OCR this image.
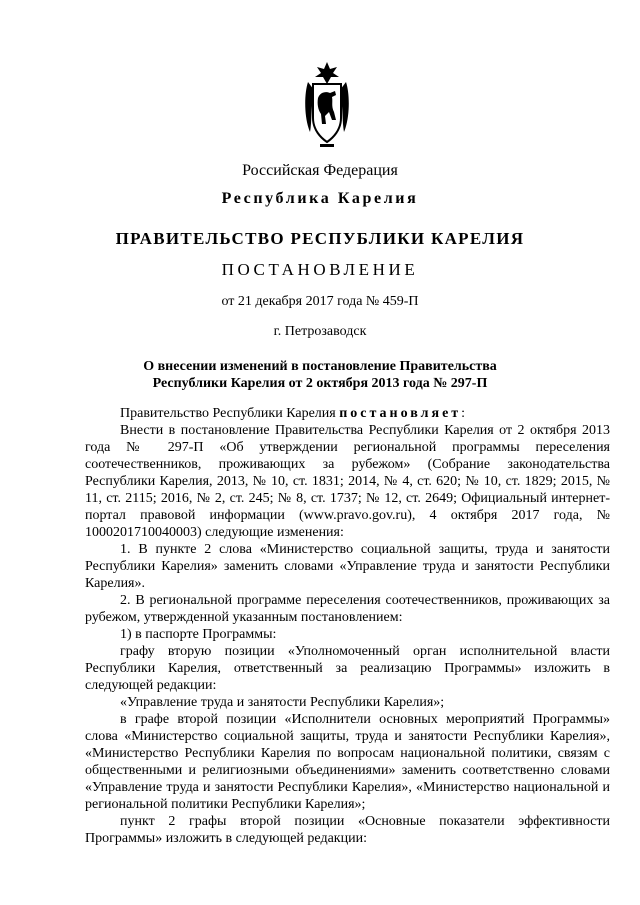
Российская Федерация
Республика Карелия
ПРАВИТЕЛЬСТВО РЕСПУБЛИКИ КАРЕЛИЯ
ПОСТАНОВЛЕНИЕ
от 21 декабря 2017 года № 459-П
г. Петрозаводск
О внесении изменений в постановление Правительства
Республики Карелия от 2 октября 2013 года № 297-П

Правительство Республики Карелия постановляет:

Внести в постановление Правительства Республики Карелия от 2 октября 2013 года № 297-П «Об утверждении региональной программы переселения соотечественников, проживающих за рубежом» (Собрание законодательства Республики Карелия, 2013, № 10, ст. 1831; 2014, № 4, ст. 620; № 10, ст. 1829; 2015, № 11, ст. 2115; 2016, № 2, ст. 245; № 8, ст. 1737; № 12, ст. 2649; Официальный интернет-портал правовой информации (www.pravo.gov.ru), 4 октября 2017 года, № 1000201710040003) следующие изменения:

1. В пункте 2 слова «Министерство социальной защиты, труда и занятости Республики Карелия» заменить словами «Управление труда и занятости Республики Карелия».

2. В региональной программе переселения соотечественников, проживающих за рубежом, утвержденной указанным постановлением:

1) в паспорте Программы:

графу вторую позиции «Уполномоченный орган исполнительной власти Республики Карелия, ответственный за реализацию Программы» изложить в следующей редакции:

«Управление труда и занятости Республики Карелия»;

в графе второй позиции «Исполнители основных мероприятий Программы» слова «Министерство социальной защиты, труда и занятости Республики Карелия», «Министерство Республики Карелия по вопросам национальной политики, связям с общественными и религиозными объединениями» заменить соответственно словами «Управление труда и занятости Республики Карелия», «Министерство национальной и региональной политики Республики Карелия»;

пункт 2 графы второй позиции «Основные показатели эффективности Программы» изложить в следующей редакции:
